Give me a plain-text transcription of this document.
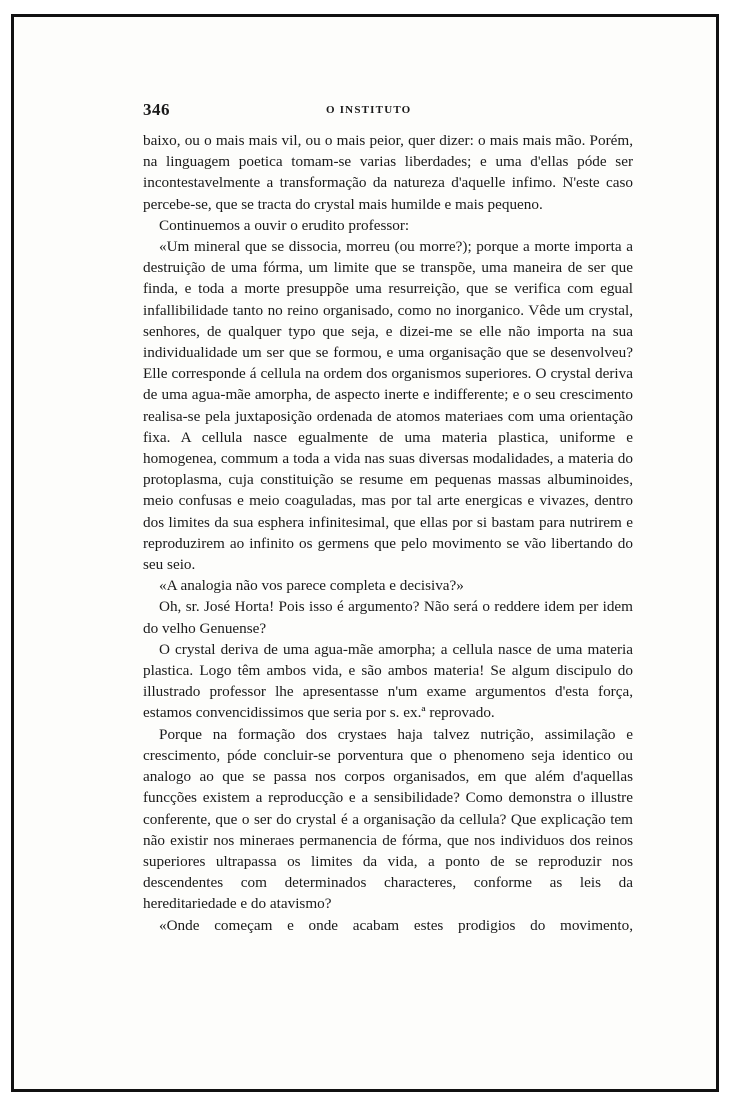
346	O INSTITUTO

baixo, ou o mais mais vil, ou o mais peior, quer dizer: o mais mais mão. Porém, na linguagem poetica tomam-se varias liberdades; e uma d'ellas póde ser incontestavelmente a transformação da natureza d'aquelle infimo. N'este caso percebe-se, que se tracta do crystal mais humilde e mais pequeno.

Continuemos a ouvir o erudito professor:

«Um mineral que se dissocia, morreu (ou morre?); porque a morte importa a destruição de uma fórma, um limite que se transpõe, uma maneira de ser que finda, e toda a morte presuppõe uma resurreição, que se verifica com egual infallibilidade tanto no reino organisado, como no inorganico. Vêde um crystal, senhores, de qualquer typo que seja, e dizei-me se elle não importa na sua individualidade um ser que se formou, e uma organisação que se desenvolveu? Elle corresponde á cellula na ordem dos organismos superiores. O crystal deriva de uma agua-mãe amorpha, de aspecto inerte e indifferente; e o seu crescimento realisa-se pela juxtaposição ordenada de atomos materiaes com uma orientação fixa. A cellula nasce egualmente de uma materia plastica, uniforme e homogenea, commum a toda a vida nas suas diversas modalidades, a materia do protoplasma, cuja constituição se resume em pequenas massas albuminoides, meio confusas e meio coaguladas, mas por tal arte energicas e vivazes, dentro dos limites da sua esphera infinitesimal, que ellas por si bastam para nutrirem e reproduzirem ao infinito os germens que pelo movimento se vão libertando do seu seio.

«A analogia não vos parece completa e decisiva?»

Oh, sr. José Horta! Pois isso é argumento? Não será o reddere idem per idem do velho Genuense?

O crystal deriva de uma agua-mãe amorpha; a cellula nasce de uma materia plastica. Logo têm ambos vida, e são ambos materia! Se algum discipulo do illustrado professor lhe apresentasse n'um exame argumentos d'esta força, estamos convencidissimos que seria por s. ex.ª reprovado.

Porque na formação dos crystaes haja talvez nutrição, assimilação e crescimento, póde concluir-se porventura que o phenomeno seja identico ou analogo ao que se passa nos corpos organisados, em que além d'aquellas funcções existem a reproducção e a sensibilidade? Como demonstra o illustre conferente, que o ser do crystal é a organisação da cellula? Que explicação tem não existir nos mineraes permanencia de fórma, que nos individuos dos reinos superiores ultrapassa os limites da vida, a ponto de se reproduzir nos descendentes com determinados characteres, conforme as leis da hereditariedade e do atavismo?

«Onde começam e onde acabam estes prodigios do movimento,
